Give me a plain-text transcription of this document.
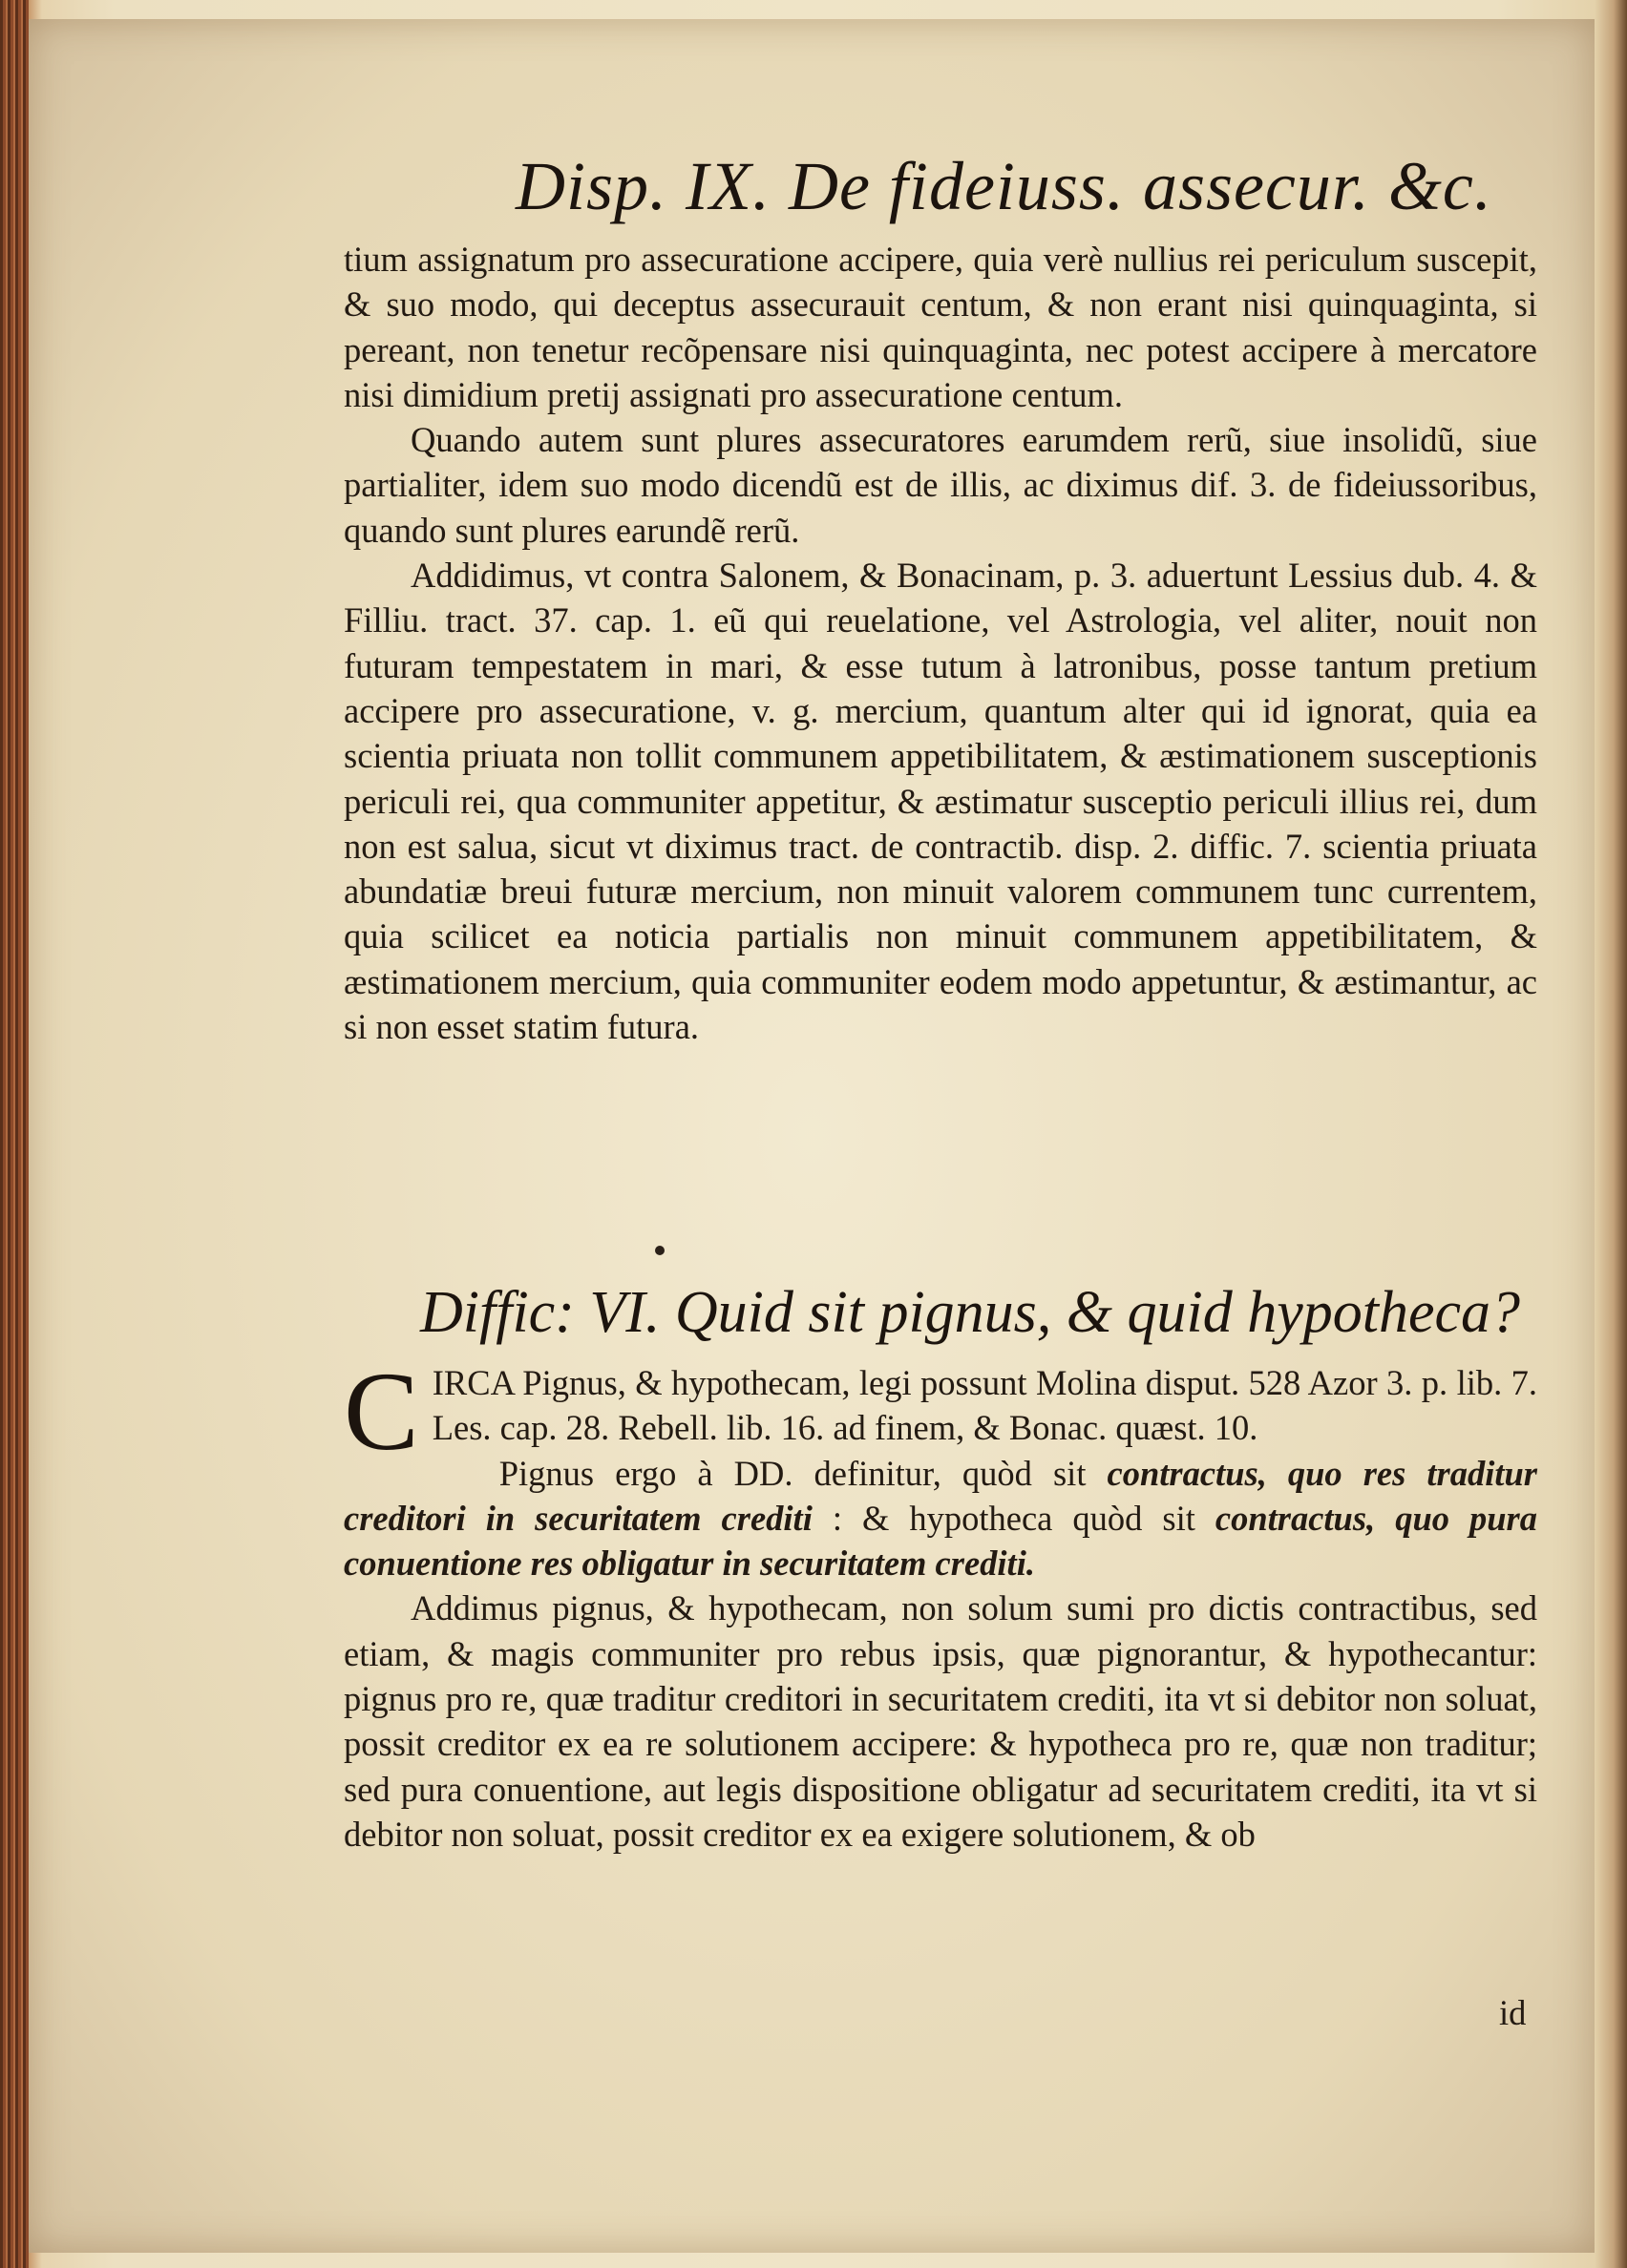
Disp. IX. De fideiuss. assecur. &c.

tium assignatum pro assecuratione accipere, quia verè nullius rei periculum suscepit, & suo modo, qui deceptus assecurauit centum, & non erant nisi quinquaginta, si pereant, non tenetur recõpensare nisi quinquaginta, nec potest accipere à mercatore nisi dimidium pretij assignati pro assecuratione centum.

Quando autem sunt plures assecuratores earumdem rerũ, siue insolidũ, siue partialiter, idem suo modo dicendũ est de illis, ac diximus dif. 3. de fideiussoribus, quando sunt plures earundẽ rerũ.

Addidimus, vt contra Salonem, & Bonacinam, p. 3. aduertunt Lessius dub. 4. & Filliu. tract. 37. cap. 1. eũ qui reuelatione, vel Astrologia, vel aliter, nouit non futuram tempestatem in mari, & esse tutum à latronibus, posse tantum pretium accipere pro assecuratione, v. g. mercium, quantum alter qui id ignorat, quia ea scientia priuata non tollit communem appetibilitatem, & æstimationem susceptionis periculi rei, qua communiter appetitur, & æstimatur susceptio periculi illius rei, dum non est salua, sicut vt diximus tract. de contractib. disp. 2. diffic. 7. scientia priuata abundatiæ breui futuræ mercium, non minuit valorem communem tunc currentem, quia scilicet ea noticia partialis non minuit communem appetibilitatem, & æstimationem mercium, quia communiter eodem modo appetuntur, & æstimantur, ac si non esset statim futura.

Diffic: VI. Quid sit pignus, & quid hypotheca?

CIRCA Pignus, & hypothecam, legi possunt Molina disput. 528 Azor 3. p. lib. 7. Les. cap. 28. Rebell. lib. 16. ad finem, & Bonac. quæst. 10.

Pignus ergo à DD. definitur, quòd sit contractus, quo res traditur creditori in securitatem crediti : & hypotheca quòd sit contractus, quo pura conuentione res obligatur in securitatem crediti.

Addimus pignus, & hypothecam, non solum sumi pro dictis contractibus, sed etiam, & magis communiter pro rebus ipsis, quæ pignorantur, & hypothecantur: pignus pro re, quæ traditur creditori in securitatem crediti, ita vt si debitor non soluat, possit creditor ex ea re solutionem accipere: & hypotheca pro re, quæ non traditur; sed pura conuentione, aut legis dispositione obligatur ad securitatem crediti, ita vt si debitor non soluat, possit creditor ex ea exigere solutionem, & ob

id
